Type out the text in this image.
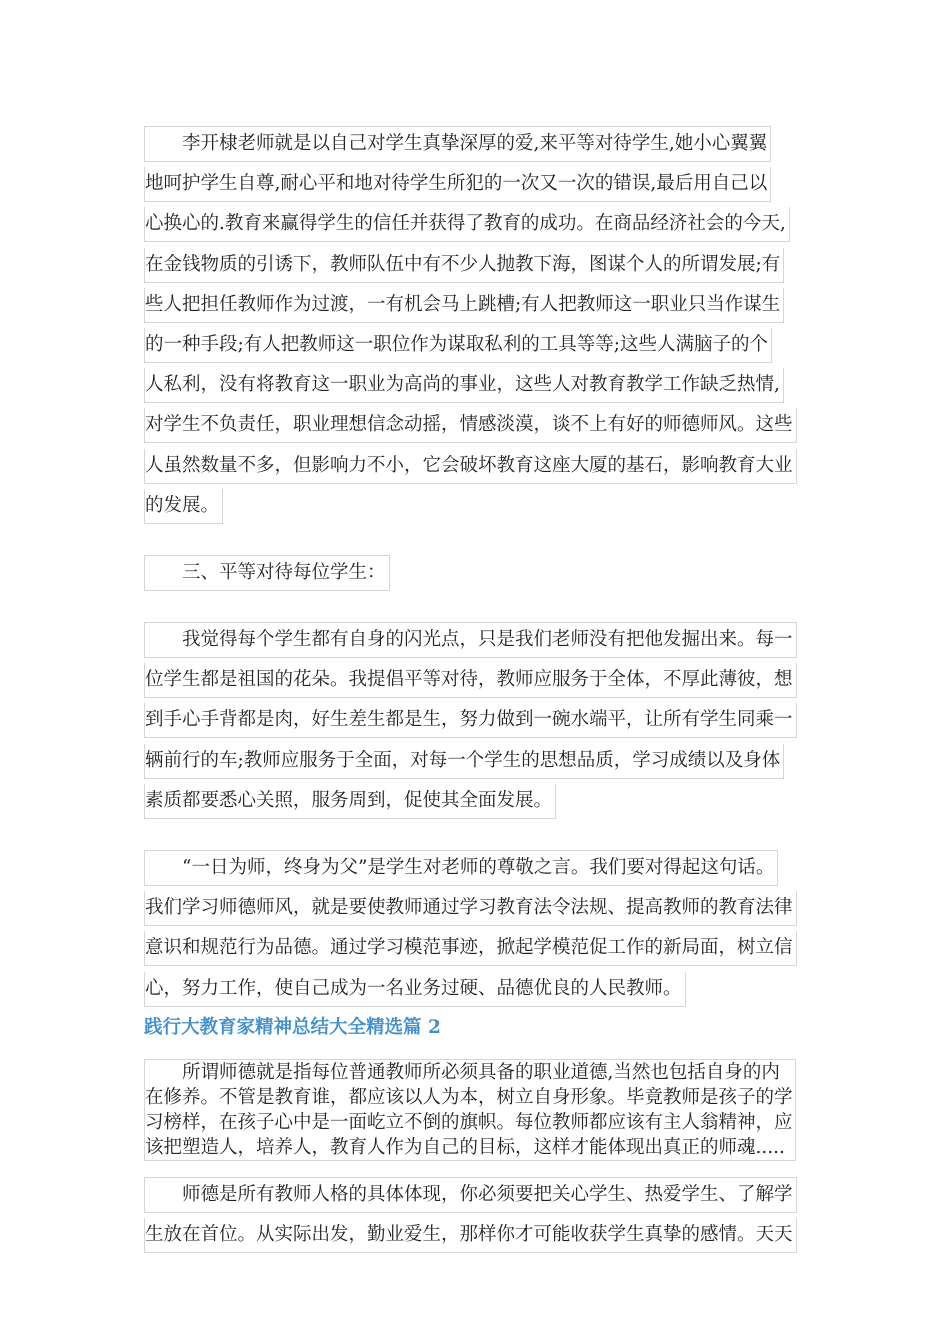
　　李开棣老师就是以自己对学生真挚深厚的爱,来平等对待学生,她小心翼翼
地呵护学生自尊,耐心平和地对待学生所犯的一次又一次的错误,最后用自己以
心换心的.教育来赢得学生的信任并获得了教育的成功。在商品经济社会的今天,
在金钱物质的引诱下，教师队伍中有不少人抛教下海，图谋个人的所谓发展;有
些人把担任教师作为过渡，一有机会马上跳槽;有人把教师这一职业只当作谋生
的一种手段;有人把教师这一职位作为谋取私利的工具等等;这些人满脑子的个
人私利，没有将教育这一职业为高尚的事业，这些人对教育教学工作缺乏热情,
对学生不负责任，职业理想信念动摇，情感淡漠，谈不上有好的师德师风。这些
人虽然数量不多，但影响力不小，它会破坏教育这座大厦的基石，影响教育大业
的发展。
　　三、平等对待每位学生：
　　我觉得每个学生都有自身的闪光点，只是我们老师没有把他发掘出来。每一
位学生都是祖国的花朵。我提倡平等对待，教师应服务于全体，不厚此薄彼，想
到手心手背都是肉，好生差生都是生，努力做到一碗水端平，让所有学生同乘一
辆前行的车;教师应服务于全面，对每一个学生的思想品质，学习成绩以及身体
素质都要悉心关照，服务周到，促使其全面发展。
　　“一日为师，终身为父”是学生对老师的尊敬之言。我们要对得起这句话。
我们学习师德师风，就是要使教师通过学习教育法令法规、提高教师的教育法律
意识和规范行为品德。通过学习模范事迹，掀起学模范促工作的新局面，树立信
心，努力工作，使自己成为一名业务过硬、品德优良的人民教师。
践行大教育家精神总结大全精选篇 2
　　所谓师德就是指每位普通教师所必须具备的职业道德,当然也包括自身的内
在修养。不管是教育谁，都应该以人为本，树立自身形象。毕竟教师是孩子的学
习榜样，在孩子心中是一面屹立不倒的旗帜。每位教师都应该有主人翁精神，应
该把塑造人，培养人，教育人作为自己的目标，这样才能体现出真正的师魂.....
　　师德是所有教师人格的具体体现，你必须要把关心学生、热爱学生、了解学
生放在首位。从实际出发，勤业爱生，那样你才可能收获学生真挚的感情。天天
